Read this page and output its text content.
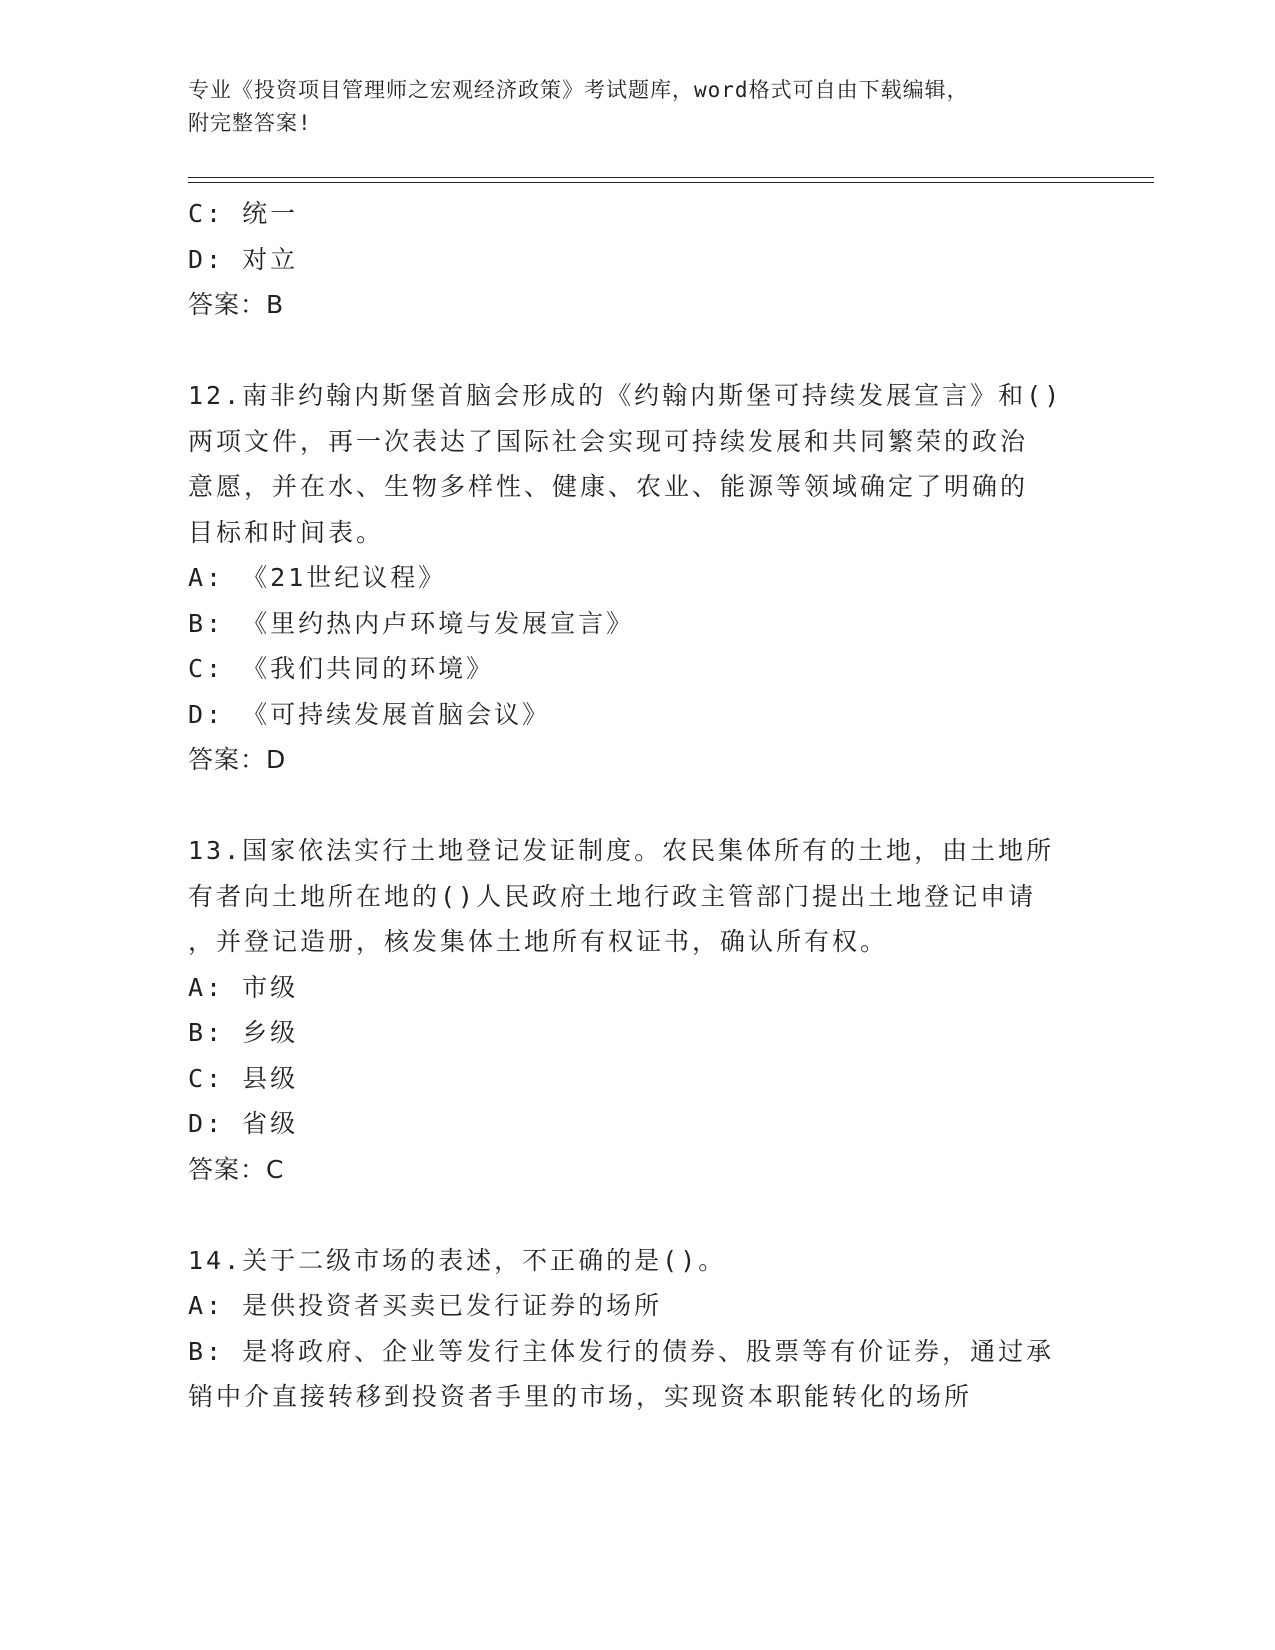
专业《投资项目管理师之宏观经济政策》考试题库，word格式可自由下载编辑，
附完整答案!
C: 统一
D: 对立
答案：B
12.南非约翰内斯堡首脑会形成的《约翰内斯堡可持续发展宣言》和()
两项文件，再一次表达了国际社会实现可持续发展和共同繁荣的政治
意愿，并在水、生物多样性、健康、农业、能源等领域确定了明确的
目标和时间表。
A: 《21世纪议程》
B: 《里约热内卢环境与发展宣言》
C: 《我们共同的环境》
D: 《可持续发展首脑会议》
答案：D
13.国家依法实行土地登记发证制度。农民集体所有的土地，由土地所
有者向土地所在地的()人民政府土地行政主管部门提出土地登记申请
，并登记造册，核发集体土地所有权证书，确认所有权。
A: 市级
B: 乡级
C: 县级
D: 省级
答案：C
14.关于二级市场的表述，不正确的是()。
A: 是供投资者买卖已发行证券的场所
B: 是将政府、企业等发行主体发行的债券、股票等有价证券，通过承
销中介直接转移到投资者手里的市场，实现资本职能转化的场所
